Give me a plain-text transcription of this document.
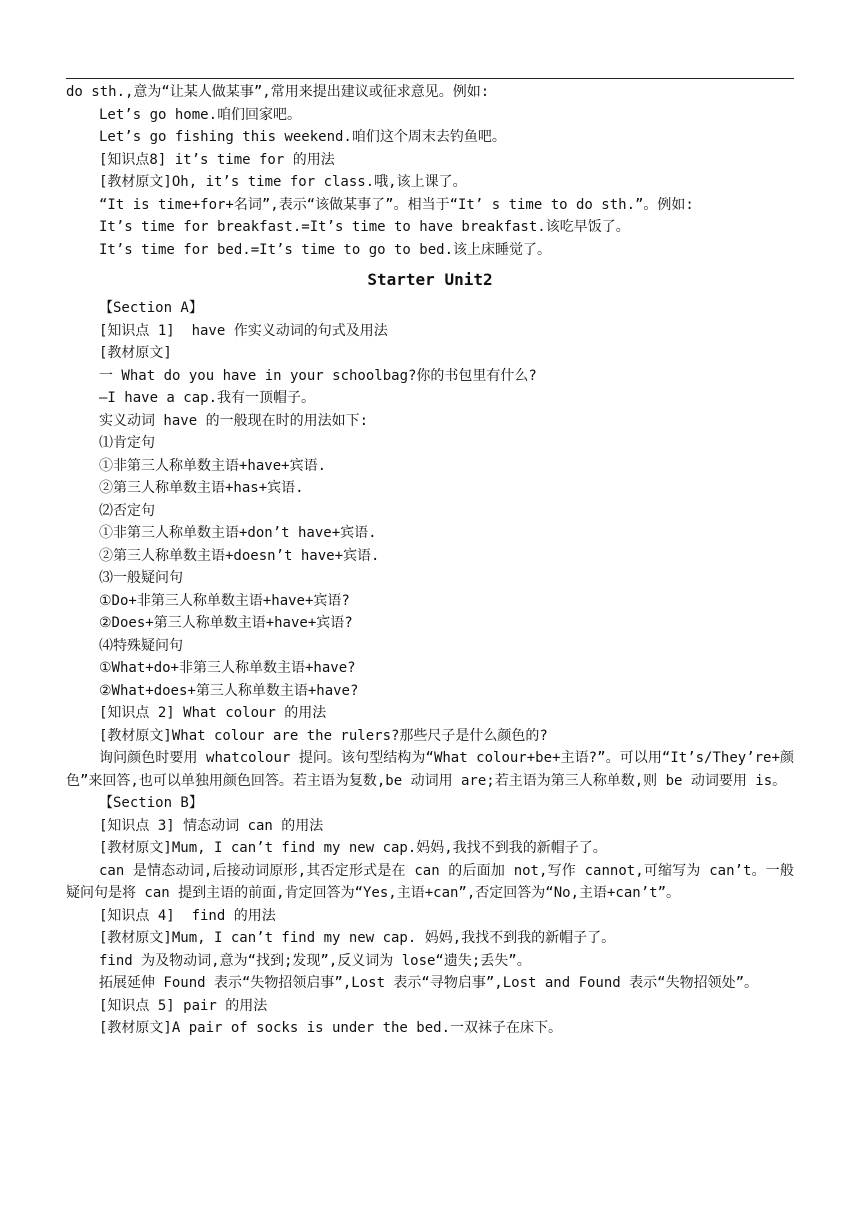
do sth.,意为“让某人做某事”,常用来提出建议或征求意见。例如:
Let’s go home.咱们回家吧。
Let’s go fishing this weekend.咱们这个周末去钓鱼吧。
[知识点8] it’s time for 的用法
[教材原文]Oh, it’s time for class.哦,该上课了。
“It is time+for+名词”,表示“该做某事了”。相当于“It’ s time to do sth.”。例如:
It’s time for breakfast.=It’s time to have breakfast.该吃早饭了。
It’s time for bed.=It’s time to go to bed.该上床睡觉了。
Starter Unit2
【Section A】
[知识点 1]  have 作实义动词的句式及用法
[教材原文]
一 What do you have in your schoolbag?你的书包里有什么?
—I have a cap.我有一顶帽子。
实义动词 have 的一般现在时的用法如下:
⑴肯定句
①非第三人称单数主语+have+宾语.
②第三人称单数主语+has+宾语.
⑵否定句
①非第三人称单数主语+don’t have+宾语.
②第三人称单数主语+doesn’t have+宾语.
⑶一般疑问句
①Do+非第三人称单数主语+have+宾语?
②Does+第三人称单数主语+have+宾语?
⑷特殊疑问句
①What+do+非第三人称单数主语+have?
②What+does+第三人称单数主语+have?
[知识点 2] What colour 的用法
[教材原文]What colour are the rulers?那些尺子是什么颜色的?
询问颜色时要用 whatcolour 提问。该句型结构为“What colour+be+主语?”。可以用“It’s/They’re+颜色”来回答,也可以单独用颜色回答。若主语为复数,be 动词用 are;若主语为第三人称单数,则 be 动词要用 is。
【Section B】
[知识点 3] 情态动词 can 的用法
[教材原文]Mum, I can’t find my new cap.妈妈,我找不到我的新帽子了。
can 是情态动词,后接动词原形,其否定形式是在 can 的后面加 not,写作 cannot,可缩写为 can’t。一般疑问句是将 can 提到主语的前面,肯定回答为“Yes,主语+can”,否定回答为“No,主语+can’t”。
[知识点 4]  find 的用法
[教材原文]Mum, I can’t find my new cap. 妈妈,我找不到我的新帽子了。
find 为及物动词,意为“找到;发现”,反义词为 lose“遗失;丢失”。
拓展延伸 Found 表示“失物招领启事”,Lost 表示“寻物启事”,Lost and Found 表示“失物招领处”。
[知识点 5] pair 的用法
[教材原文]A pair of socks is under the bed.一双袜子在床下。
